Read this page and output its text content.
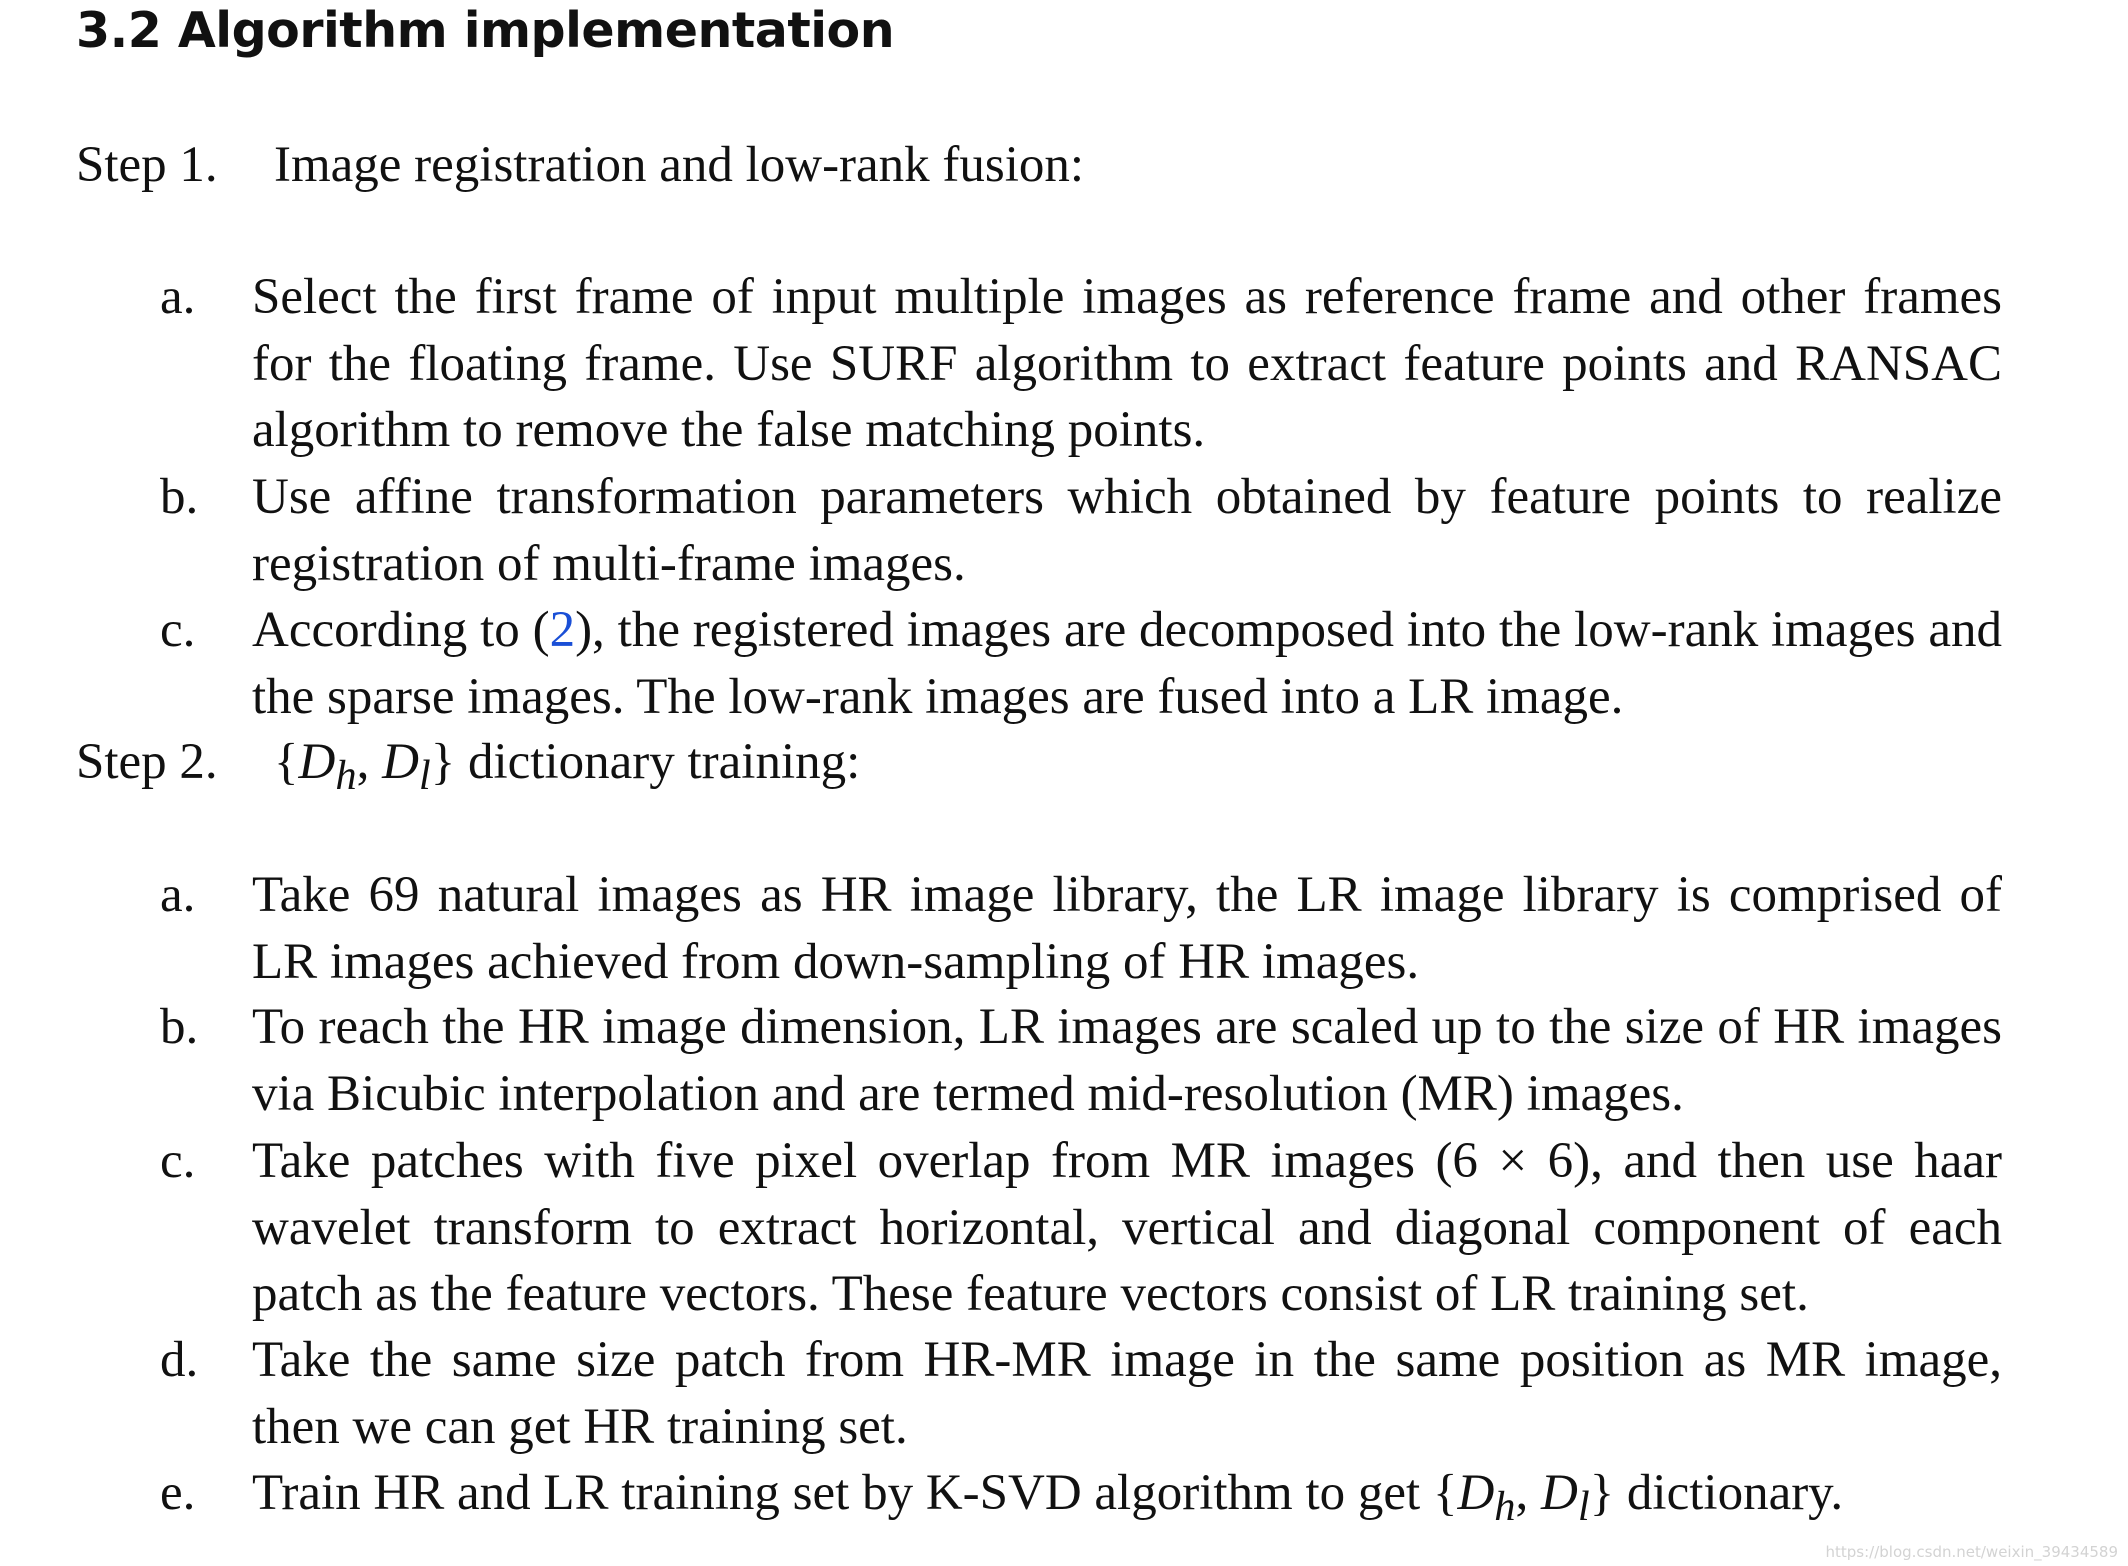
3.2 Algorithm implementation
Step 1. Image registration and low-rank fusion:
a. Select the first frame of input multiple images as reference frame and other frames for the floating frame. Use SURF algorithm to extract feature points and RANSAC algorithm to remove the false matching points.
b. Use affine transformation parameters which obtained by feature points to realize registration of multi-frame images.
c. According to (2), the registered images are decomposed into the low-rank images and the sparse images. The low-rank images are fused into a LR image.
Step 2. {$D_h$, $D_l$} dictionary training:
a. Take 69 natural images as HR image library, the LR image library is comprised of LR images achieved from down-sampling of HR images.
b. To reach the HR image dimension, LR images are scaled up to the size of HR images via Bicubic interpolation and are termed mid-resolution (MR) images.
c. Take patches with five pixel overlap from MR images (6 × 6), and then use haar wavelet transform to extract horizontal, vertical and diagonal component of each patch as the feature vectors. These feature vectors consist of LR training set.
d. Take the same size patch from HR-MR image in the same position as MR image, then we can get HR training set.
e. Train HR and LR training set by K-SVD algorithm to get {$D_h$, $D_l$} dictionary.
https://blog.csdn.net/weixin_39434589
